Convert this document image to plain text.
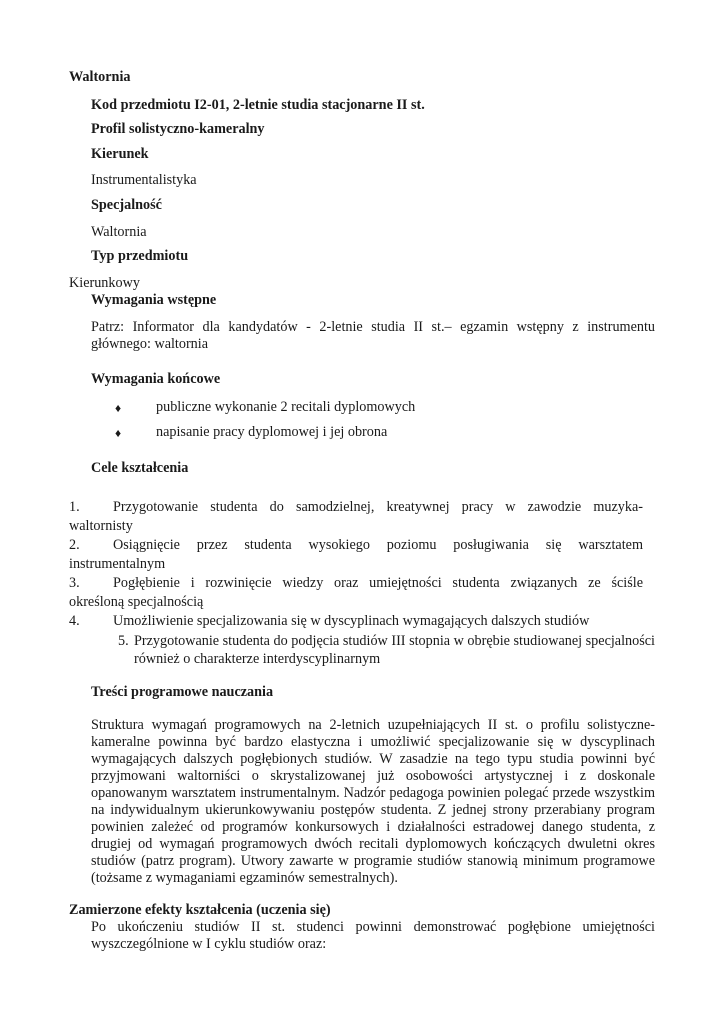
Waltornia

Kod przedmiotu I2-01, 2-letnie studia stacjonarne II st.

Profil solistyczno-kameralny

Kierunek

Instrumentalistyka

Specjalność

Waltornia

Typ przedmiotu

Kierunkowy

Wymagania wstępne

Patrz: Informator dla kandydatów - 2-letnie studia II st.– egzamin wstępny z instrumentu głównego: waltornia

Wymagania końcowe

♦ publiczne wykonanie 2 recitali dyplomowych
♦ napisanie pracy dyplomowej i jej obrona

Cele kształcenia

1. Przygotowanie studenta do samodzielnej, kreatywnej pracy w zawodzie muzyka-
waltornisty
2. Osiągnięcie przez studenta wysokiego poziomu posługiwania się warsztatem
instrumentalnym
3. Pogłębienie i rozwinięcie wiedzy oraz umiejętności studenta związanych ze ściśle
określoną specjalnością
4. Umożliwienie specjalizowania się w dyscyplinach wymagających dalszych studiów
5. Przygotowanie studenta do podjęcia studiów III stopnia w obrębie studiowanej specjalności
również o charakterze interdyscyplinarnym

Treści programowe nauczania

Struktura wymagań programowych na 2-letnich uzupełniających II st. o profilu solistyczne-kameralne powinna być bardzo elastyczna i umożliwić specjalizowanie się w dyscyplinach wymagających dalszych pogłębionych studiów. W zasadzie na tego typu studia powinni być przyjmowani waltorniści o skrystalizowanej już osobowości artystycznej i z doskonale opanowanym warsztatem instrumentalnym. Nadzór pedagoga powinien polegać przede wszystkim na indywidualnym ukierunkowywaniu postępów studenta. Z jednej strony przerabiany program powinien zależeć od programów konkursowych i działalności estradowej danego studenta, z drugiej od wymagań programowych dwóch recitali dyplomowych kończących dwuletni okres studiów (patrz program). Utwory zawarte w programie studiów stanowią minimum programowe (tożsame z wymaganiami egzaminów semestralnych).

Zamierzone efekty kształcenia (uczenia się)

Po ukończeniu studiów II st. studenci powinni demonstrować pogłębione umiejętności wyszczególnione w I cyklu studiów oraz:
